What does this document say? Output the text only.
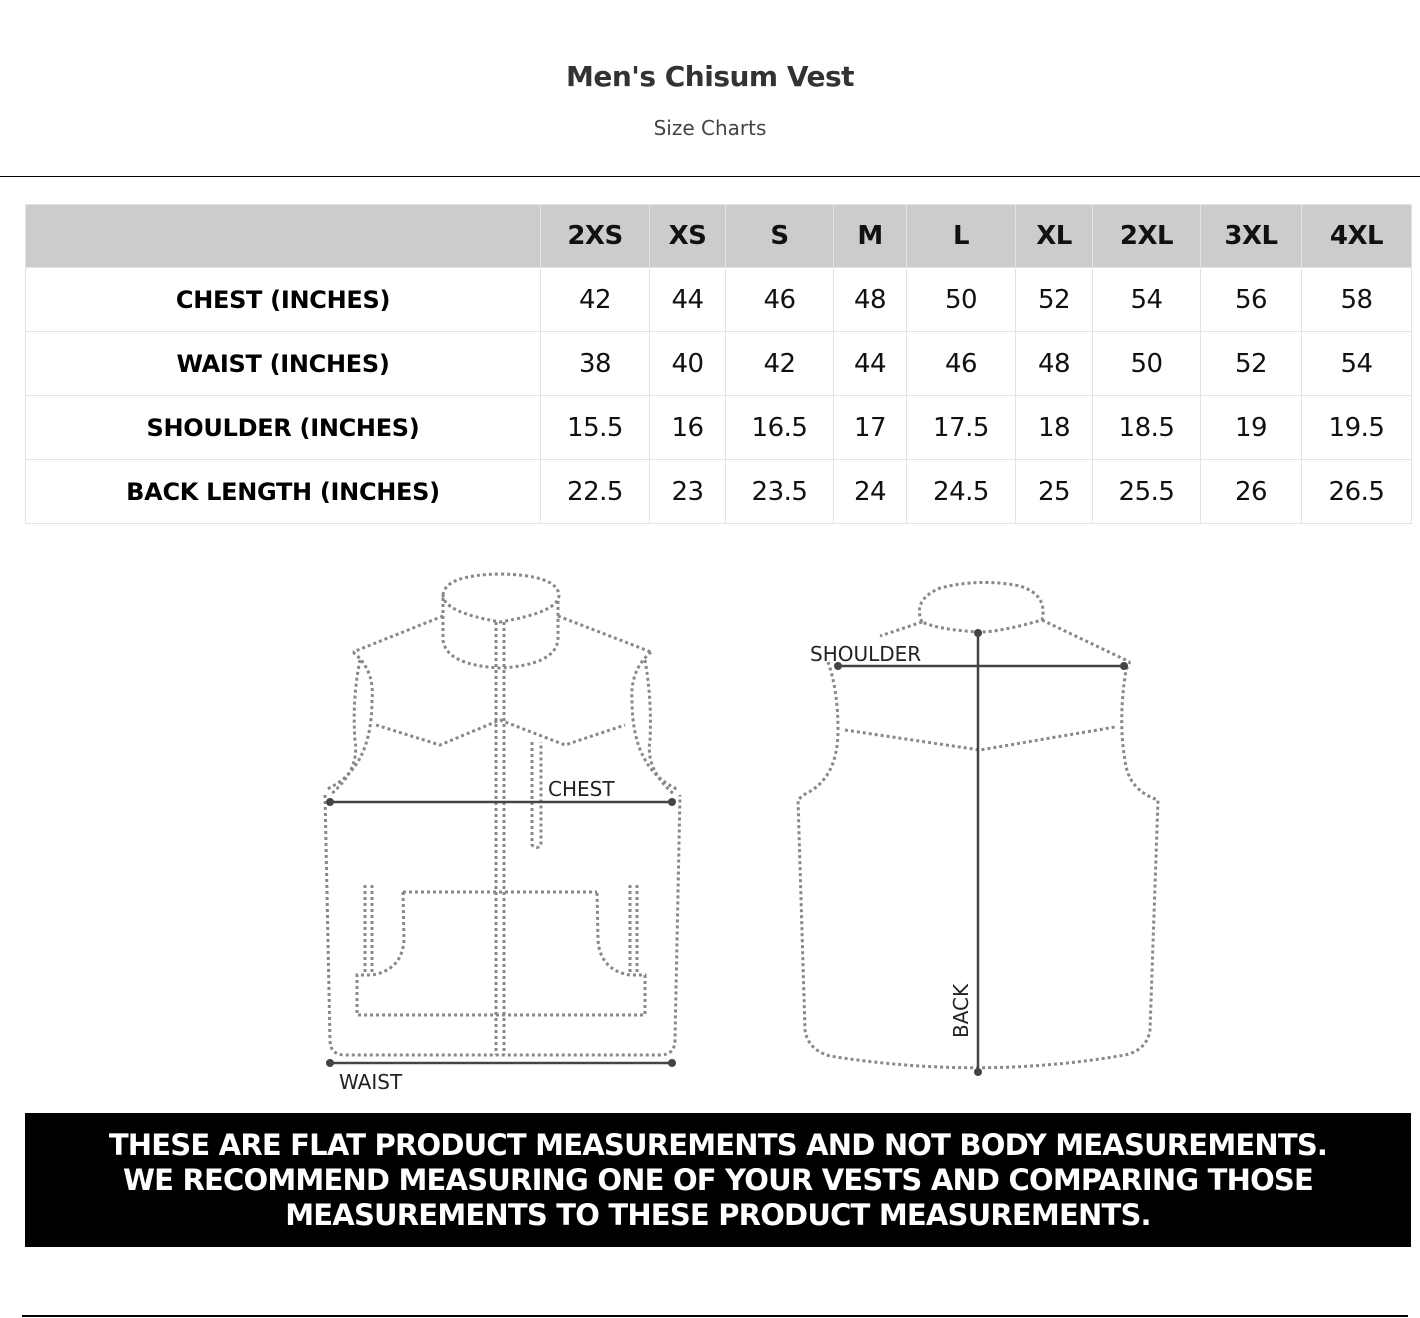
Men's Chisum Vest
Size Charts
	2XS	XS	S	M	L	XL	2XL	3XL	4XL
CHEST (INCHES)	42	44	46	48	50	52	54	56	58
WAIST (INCHES)	38	40	42	44	46	48	50	52	54
SHOULDER (INCHES)	15.5	16	16.5	17	17.5	18	18.5	19	19.5
BACK LENGTH (INCHES)	22.5	23	23.5	24	24.5	25	25.5	26	26.5
CHEST
WAIST
SHOULDER
BACK

THESE ARE FLAT PRODUCT MEASUREMENTS AND NOT BODY MEASUREMENTS. WE RECOMMEND MEASURING ONE OF YOUR VESTS AND COMPARING THOSE MEASUREMENTS TO THESE PRODUCT MEASUREMENTS.
